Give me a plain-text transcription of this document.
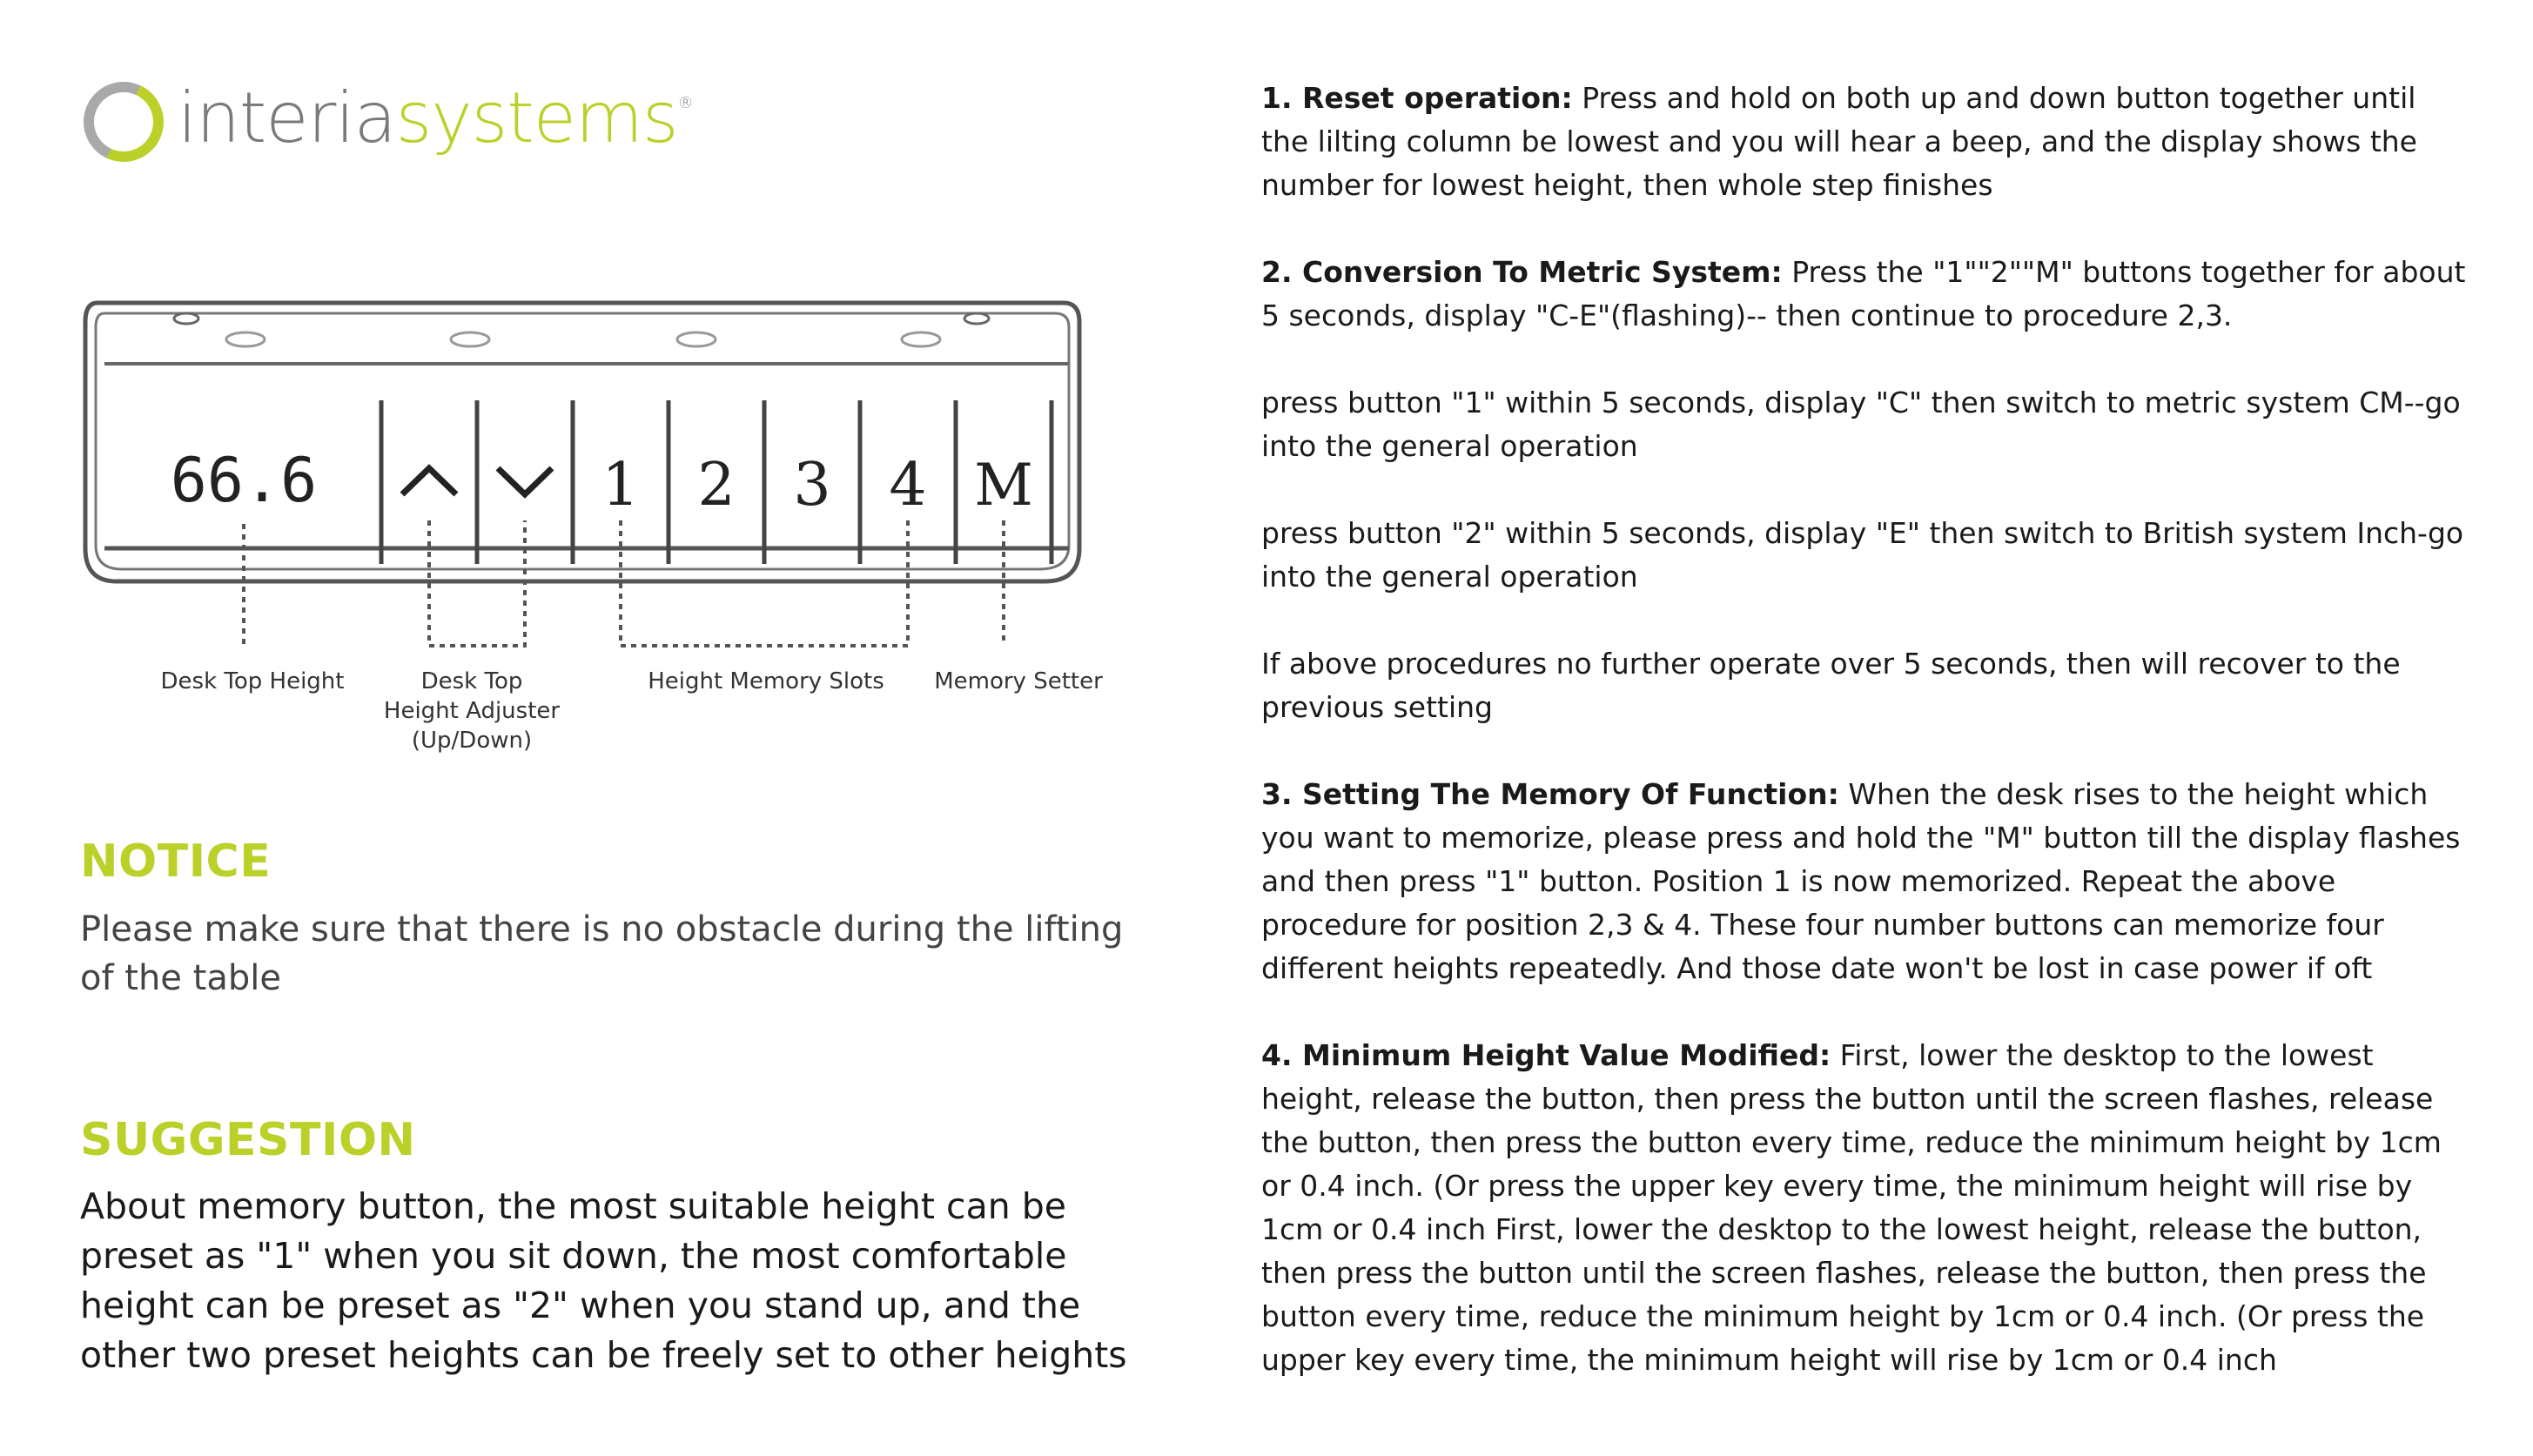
interiasystems®
66.6	1 2 3 4 M
Desk Top Height	Desk Top
Height Adjuster
(Up/Down)
Height Memory Slots	Memory Setter
NOTICE
Please make sure that there is no obstacle during the lifting of the table
SUGGESTION
About memory button, the most suitable height can be preset as "1" when you sit down, the most comfortable height can be preset as "2" when you stand up, and the other two preset heights can be freely set to other heights

1. Reset operation: Press and hold on both up and down button together until the lilting column be lowest and you will hear a beep, and the display shows the number for lowest height, then whole step finishes

2. Conversion To Metric System: Press the "1""2""M" buttons together for about 5 seconds, display "C-E"(flashing)-- then continue to procedure 2,3.

press button "1" within 5 seconds, display "C" then switch to metric system CM--go into the general operation

press button "2" within 5 seconds, display "E" then switch to British system Inch-go into the general operation

If above procedures no further operate over 5 seconds, then will recover to the previous setting

3. Setting The Memory Of Function: When the desk rises to the height which you want to memorize, please press and hold the "M" button till the display flashes and then press "1" button. Position 1 is now memorized. Repeat the above procedure for position 2,3 & 4. These four number buttons can memorize four different heights repeatedly. And those date won't be lost in case power if oft

4. Minimum Height Value Modified: First, lower the desktop to the lowest height, release the button, then press the button until the screen flashes, release the button, then press the button every time, reduce the minimum height by 1cm or 0.4 inch. (Or press the upper key every time, the minimum height will rise by 1cm or 0.4 inch First, lower the desktop to the lowest height, release the button, then press the button until the screen flashes, release the button, then press the button every time, reduce the minimum height by 1cm or 0.4 inch. (Or press the upper key every time, the minimum height will rise by 1cm or 0.4 inch
